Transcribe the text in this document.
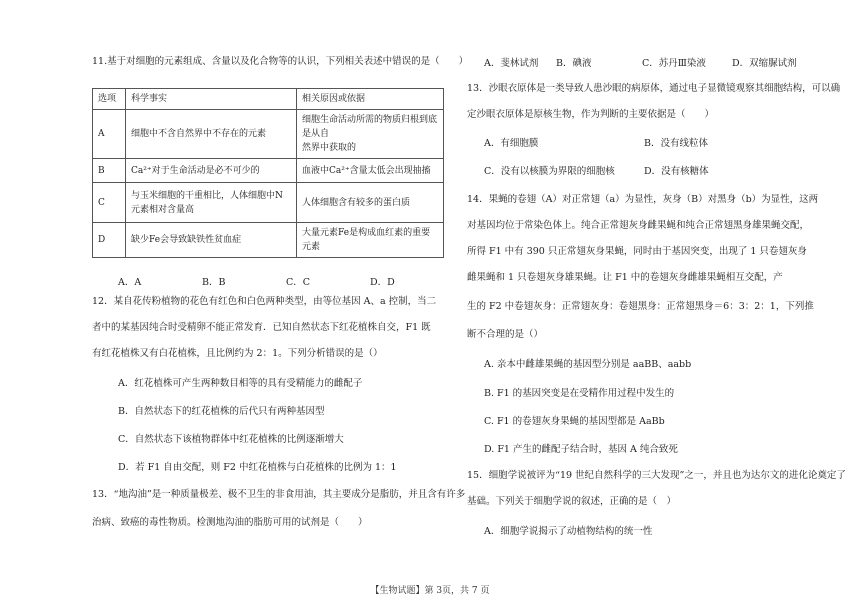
11.基于对细胞的元素组成、含量以及化合物等的认识，下列相关表述中错误的是（　　）
选项	科学事实	相关原因或依据
A	细胞中不含自然界中不存在的元素	细胞生命活动所需的物质归根到底是从自
然界中获取的

B	Ca²⁺对于生命活动是必不可少的	血液中Ca²⁺含量太低会出现抽搐
C	与玉米细胞的干重相比，人体细胞中N
元素相对含量高	人体细胞含有较多的蛋白质
D	缺少Fe会导致缺铁性贫血症	大量元素Fe是构成血红素的重要元素
A．A	B．B	C．C	D．D
12．某自花传粉植物的花色有红色和白色两种类型，由等位基因 A、a 控制，当二
者中的某基因纯合时受精卵不能正常发育．已知自然状态下红花植株自交，F1 既
有红花植株又有白花植株，且比例约为 2：1。下列分析错误的是（）
A．红花植株可产生两种数目相等的具有受精能力的雌配子
B．自然状态下的红花植株的后代只有两种基因型
C．自然状态下该植物群体中红花植株的比例逐渐增大
D．若 F1 自由交配，则 F2 中红花植株与白花植株的比例为 1：1
13．“地沟油”是一种质量极差、极不卫生的非食用油，其主要成分是脂肪，并且含有许多
治病、致癌的毒性物质。检测地沟油的脂肪可用的试剂是（　　）
A．斐林试剂	B．碘液	C．苏丹Ⅲ染液	D．双缩脲试剂
13．沙眼衣原体是一类导致人患沙眼的病原体，通过电子显微镜观察其细胞结构，可以确
定沙眼衣原体是原核生物，作为判断的主要依据是（　　）
A．有细胞膜	B．没有线粒体
C．没有以核膜为界限的细胞核	D．没有核糖体
14．果蝇的卷翅（A）对正常翅（a）为显性，灰身（B）对黑身（b）为显性，这两
对基因均位于常染色体上。纯合正常翅灰身雌果蝇和纯合正常翅黑身雄果蝇交配，
所得 F1 中有 390 只正常翅灰身果蝇，同时由于基因突变，出现了 1 只卷翅灰身
雌果蝇和 1 只卷翅灰身雄果蝇。让 F1 中的卷翅灰身雌雄果蝇相互交配，产
生的 F2 中卷翅灰身：正常翅灰身：卷翅黑身：正常翅黑身＝6：3：2：1，下列推
断不合理的是（）
A. 亲本中雌雄果蝇的基因型分别是 aaBB、aabb
B. F1 的基因突变是在受精作用过程中发生的
C. F1 的卷翅灰身果蝇的基因型都是 AaBb
D. F1 产生的雌配子结合时，基因 A 纯合致死
15．细胞学说被评为“19 世纪自然科学的三大发现”之一，并且也为达尔文的进化论奠定了
基础。下列关于细胞学说的叙述，正确的是（　）
A．细胞学说揭示了动植物结构的统一性
【生物试题】第 3页，共 7 页
